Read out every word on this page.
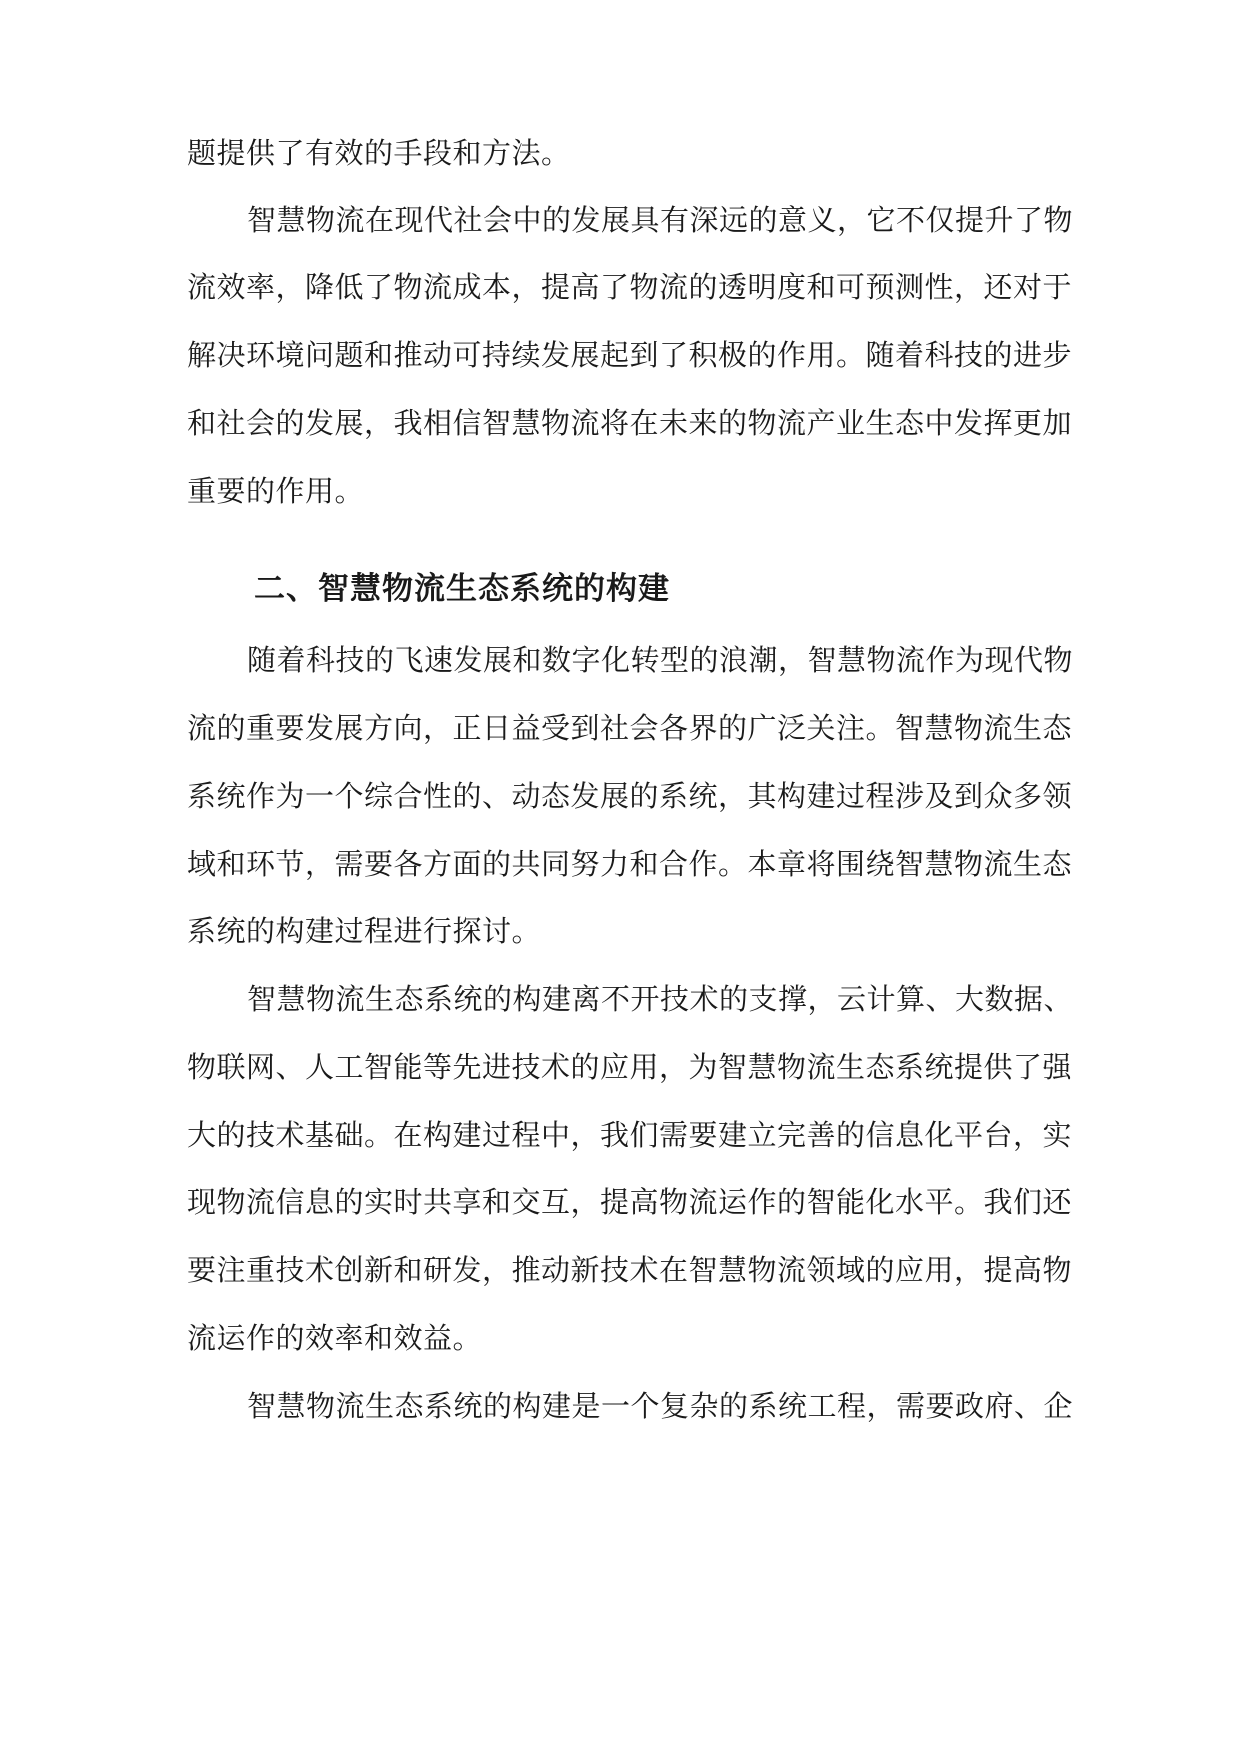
题提供了有效的手段和方法。
智慧物流在现代社会中的发展具有深远的意义，它不仅提升了物
流效率，降低了物流成本，提高了物流的透明度和可预测性，还对于
解决环境问题和推动可持续发展起到了积极的作用。随着科技的进步
和社会的发展，我相信智慧物流将在未来的物流产业生态中发挥更加
重要的作用。
二、智慧物流生态系统的构建
随着科技的飞速发展和数字化转型的浪潮，智慧物流作为现代物
流的重要发展方向，正日益受到社会各界的广泛关注。智慧物流生态
系统作为一个综合性的、动态发展的系统，其构建过程涉及到众多领
域和环节，需要各方面的共同努力和合作。本章将围绕智慧物流生态
系统的构建过程进行探讨。
智慧物流生态系统的构建离不开技术的支撑，云计算、大数据、
物联网、人工智能等先进技术的应用，为智慧物流生态系统提供了强
大的技术基础。在构建过程中，我们需要建立完善的信息化平台，实
现物流信息的实时共享和交互，提高物流运作的智能化水平。我们还
要注重技术创新和研发，推动新技术在智慧物流领域的应用，提高物
流运作的效率和效益。
智慧物流生态系统的构建是一个复杂的系统工程，需要政府、企
